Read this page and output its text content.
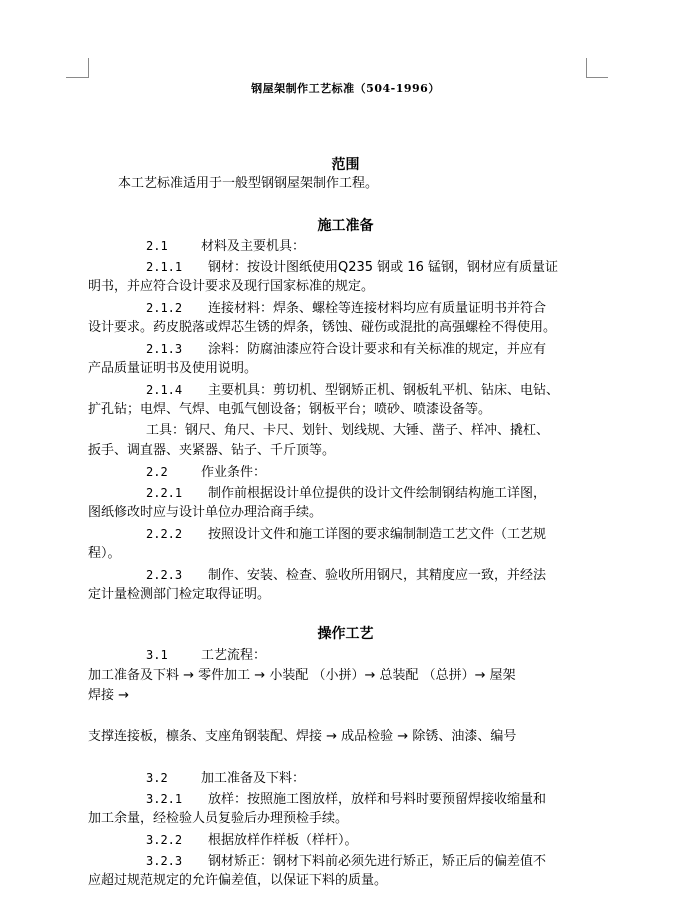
钢屋架制作工艺标准（504-1996）
范围
本工艺标准适用于一般型钢钢屋架制作工程。
施工准备
2.1	材料及主要机具：
2.1.1 钢材：按设计图纸使用Q235 钢或 16 锰钢，钢材应有质量证
明书，并应符合设计要求及现行国家标准的规定。
2.1.2 连接材料：焊条、螺栓等连接材料均应有质量证明书并符合
设计要求。药皮脱落或焊芯生锈的焊条，锈蚀、碰伤或混批的高强螺栓不得使用。
2.1.3 涂料：防腐油漆应符合设计要求和有关标准的规定，并应有
产品质量证明书及使用说明。
2.1.4 主要机具：剪切机、型钢矫正机、钢板轧平机、钻床、电钻、
扩孔钻；电焊、气焊、电弧气刨设备；钢板平台；喷砂、喷漆设备等。
工具：钢尺、角尺、卡尺、划针、划线规、大锤、凿子、样冲、撬杠、
扳手、调直器、夹紧器、钻子、千斤顶等。
2.2	作业条件：
2.2.1 制作前根据设计单位提供的设计文件绘制钢结构施工详图，
图纸修改时应与设计单位办理洽商手续。
2.2.2 按照设计文件和施工详图的要求编制制造工艺文件（工艺规
程）。
2.2.3 制作、安装、检查、验收所用钢尺，其精度应一致，并经法
定计量检测部门检定取得证明。
操作工艺
3.1	工艺流程：
加工准备及下料 → 零件加工 → 小装配 （小拼）→ 总装配 （总拼）→ 屋架
焊接 →
支撑连接板，檩条、支座角钢装配、焊接 → 成品检验 → 除锈、油漆、编号
3.2	加工准备及下料：
3.2.1 放样：按照施工图放样，放样和号料时要预留焊接收缩量和
加工余量，经检验人员复验后办理预检手续。
3.2.2 根据放样作样板（样杆）。
3.2.3 钢材矫正：钢材下料前必须先进行矫正，矫正后的偏差值不
应超过规范规定的允许偏差值，以保证下料的质量。
